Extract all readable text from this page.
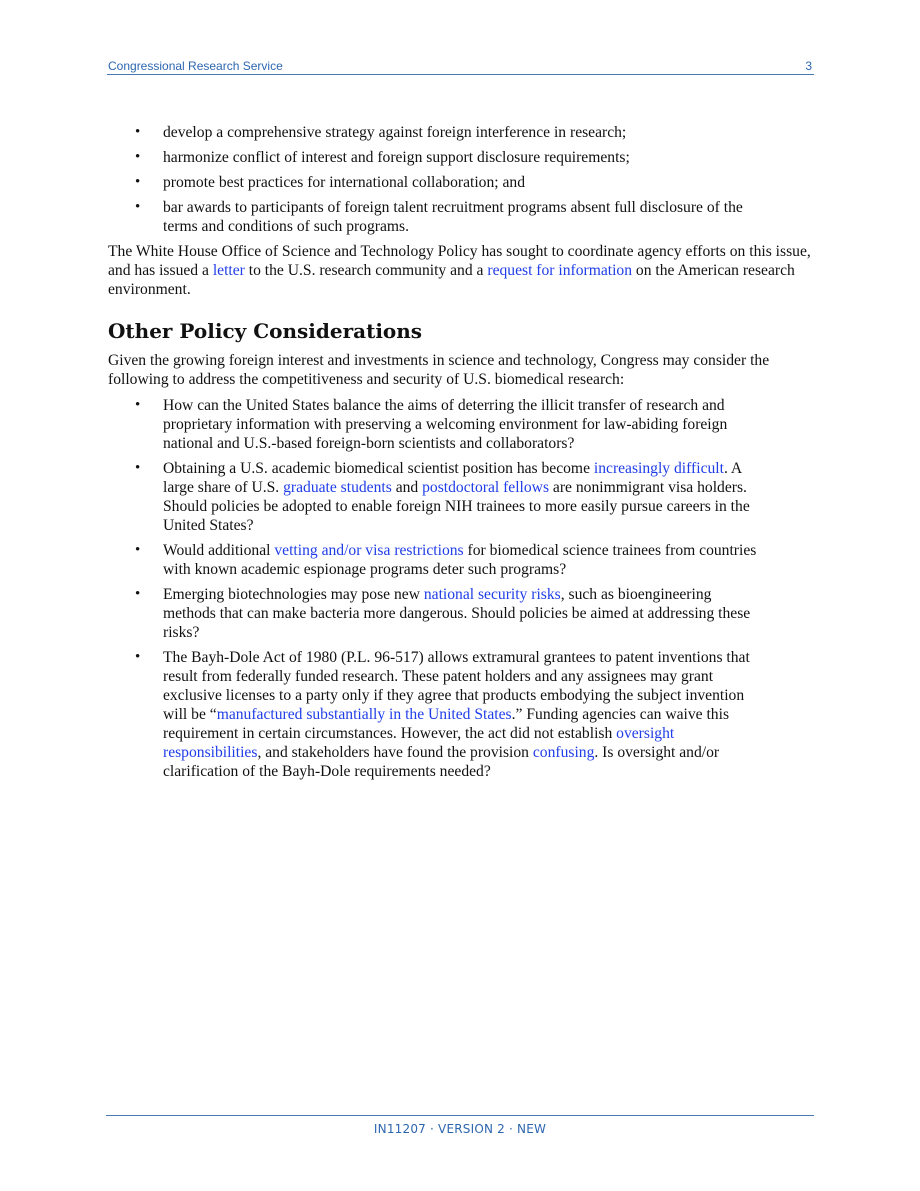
Congressional Research Service	3
• develop a comprehensive strategy against foreign interference in research;
• harmonize conflict of interest and foreign support disclosure requirements;
• promote best practices for international collaboration; and
• bar awards to participants of foreign talent recruitment programs absent full disclosure of the terms and conditions of such programs.

The White House Office of Science and Technology Policy has sought to coordinate agency efforts on this issue, and has issued a letter to the U.S. research community and a request for information on the American research environment.

Other Policy Considerations

Given the growing foreign interest and investments in science and technology, Congress may consider the following to address the competitiveness and security of U.S. biomedical research:

• How can the United States balance the aims of deterring the illicit transfer of research and proprietary information with preserving a welcoming environment for law-abiding foreign national and U.S.-based foreign-born scientists and collaborators?
• Obtaining a U.S. academic biomedical scientist position has become increasingly difficult. A large share of U.S. graduate students and postdoctoral fellows are nonimmigrant visa holders. Should policies be adopted to enable foreign NIH trainees to more easily pursue careers in the United States?
• Would additional vetting and/or visa restrictions for biomedical science trainees from countries with known academic espionage programs deter such programs?
• Emerging biotechnologies may pose new national security risks, such as bioengineering methods that can make bacteria more dangerous. Should policies be aimed at addressing these risks?
• The Bayh-Dole Act of 1980 (P.L. 96-517) allows extramural grantees to patent inventions that result from federally funded research. These patent holders and any assignees may grant exclusive licenses to a party only if they agree that products embodying the subject invention will be “manufactured substantially in the United States.” Funding agencies can waive this requirement in certain circumstances. However, the act did not establish oversight responsibilities, and stakeholders have found the provision confusing. Is oversight and/or clarification of the Bayh-Dole requirements needed?
IN11207 · VERSION 2 · NEW
